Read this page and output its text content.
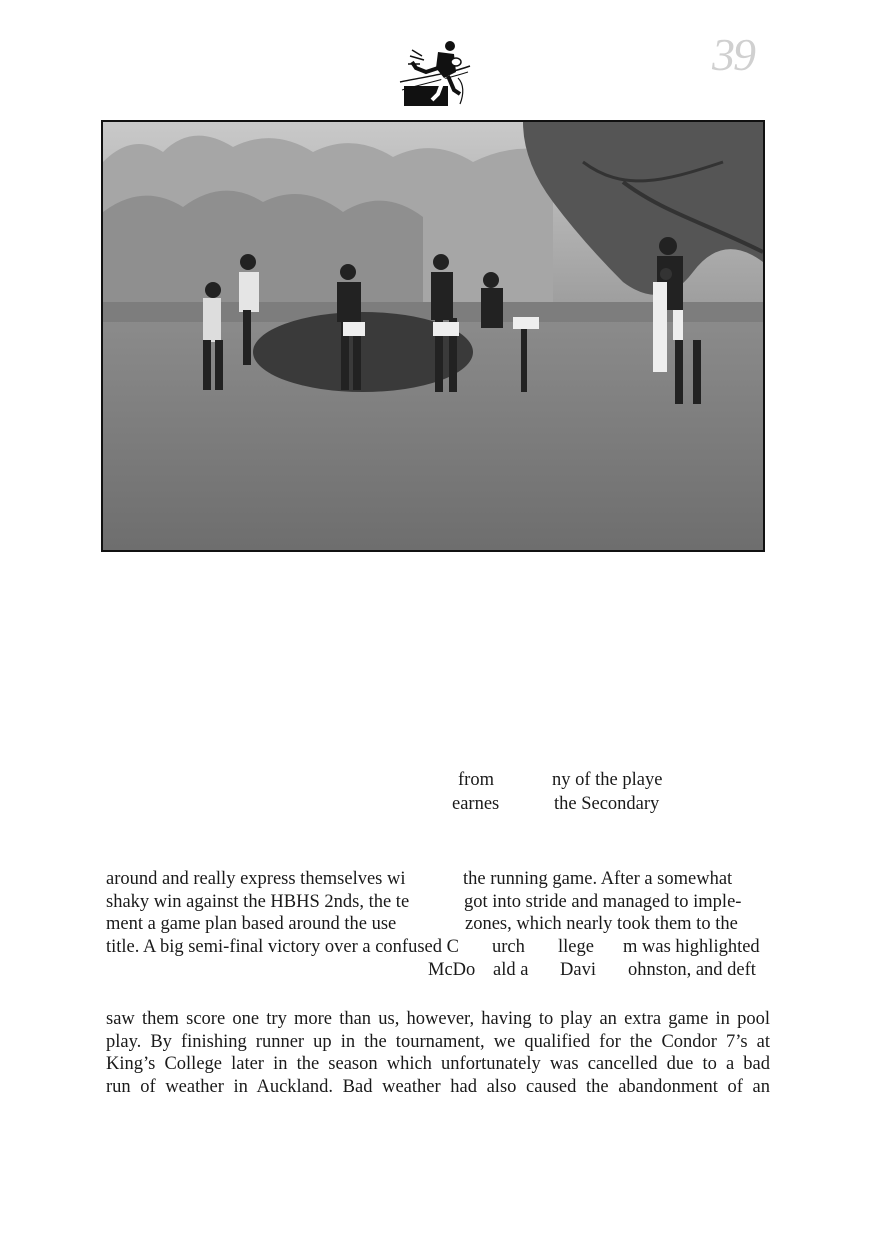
39
from	ny of the playe
earnes	the Secondary
around and really express themselves wi	the running game. After a somewhat
shaky win against the HBHS 2nds, the te	got into stride and managed to imple-
ment a game plan based around the use	zones, which nearly took them to the
title. A big semi-final victory over a confused C urch llege m was highlighted
McDo ald a Davi ohnston, and deft
saw them score one try more than us, however, having to play an extra game in pool
play. By finishing runner up in the tournament, we qualified for the Condor 7’s at
King’s College later in the season which unfortunately was cancelled due to a bad
run of weather in Auckland. Bad weather had also caused the abandonment of an
